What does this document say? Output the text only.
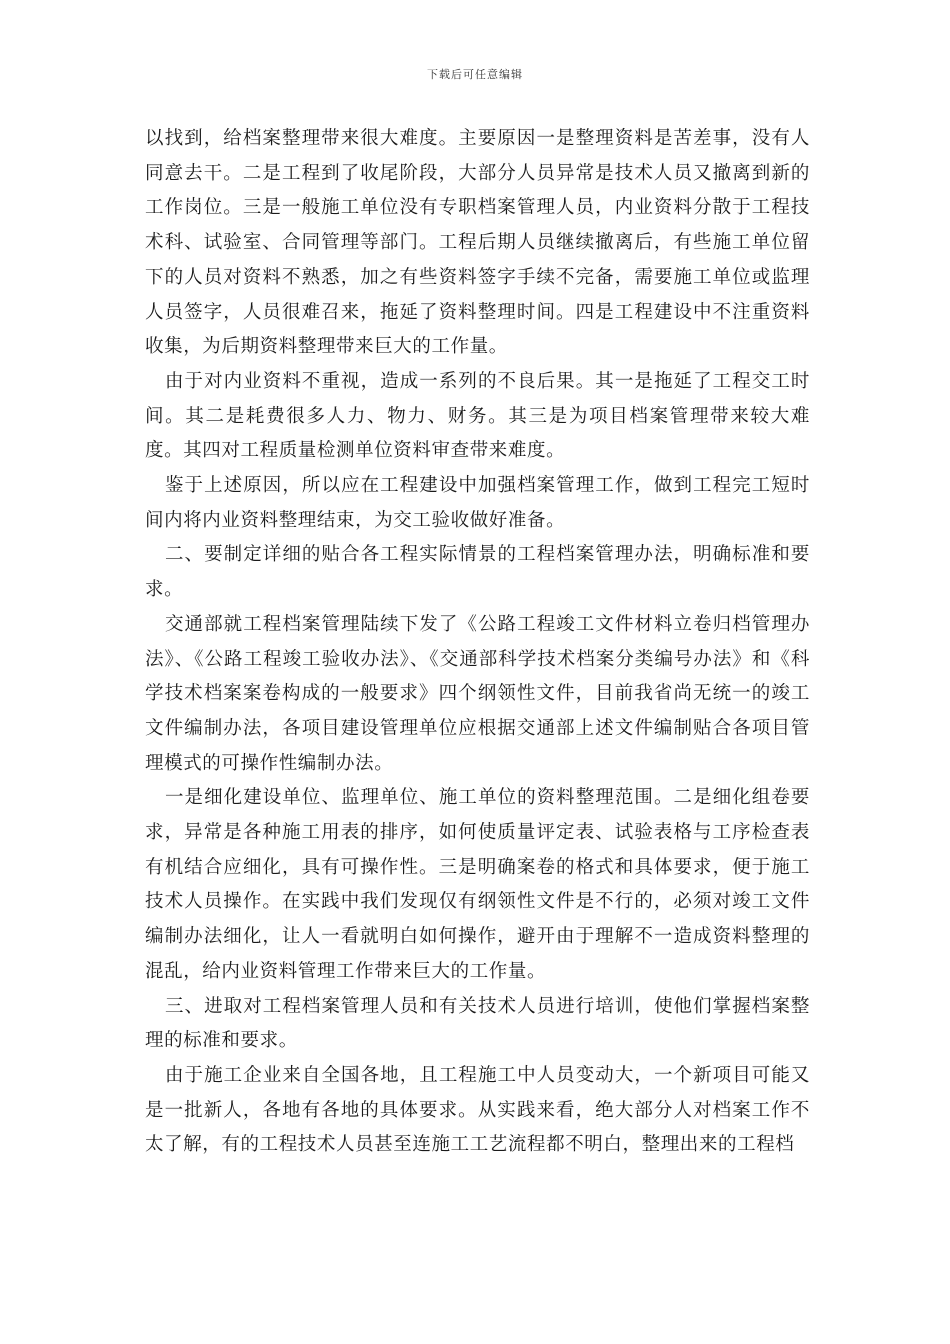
下载后可任意编辑

以找到，给档案整理带来很大难度。主要原因一是整理资料是苦差事，没有人同意去干。二是工程到了收尾阶段，大部分人员异常是技术人员又撤离到新的工作岗位。三是一般施工单位没有专职档案管理人员，内业资料分散于工程技术科、试验室、合同管理等部门。工程后期人员继续撤离后，有些施工单位留下的人员对资料不熟悉，加之有些资料签字手续不完备，需要施工单位或监理人员签字，人员很难召来，拖延了资料整理时间。四是工程建设中不注重资料收集，为后期资料整理带来巨大的工作量。

由于对内业资料不重视，造成一系列的不良后果。其一是拖延了工程交工时间。其二是耗费很多人力、物力、财务。其三是为项目档案管理带来较大难度。其四对工程质量检测单位资料审查带来难度。

鉴于上述原因，所以应在工程建设中加强档案管理工作，做到工程完工短时间内将内业资料整理结束，为交工验收做好准备。

二、要制定详细的贴合各工程实际情景的工程档案管理办法，明确标准和要求。

交通部就工程档案管理陆续下发了《公路工程竣工文件材料立卷归档管理办法》、《公路工程竣工验收办法》、《交通部科学技术档案分类编号办法》和《科学技术档案案卷构成的一般要求》四个纲领性文件，目前我省尚无统一的竣工文件编制办法，各项目建设管理单位应根据交通部上述文件编制贴合各项目管理模式的可操作性编制办法。

一是细化建设单位、监理单位、施工单位的资料整理范围。二是细化组卷要求，异常是各种施工用表的排序，如何使质量评定表、试验表格与工序检查表有机结合应细化，具有可操作性。三是明确案卷的格式和具体要求，便于施工技术人员操作。在实践中我们发现仅有纲领性文件是不行的，必须对竣工文件编制办法细化，让人一看就明白如何操作，避开由于理解不一造成资料整理的混乱，给内业资料管理工作带来巨大的工作量。

三、进取对工程档案管理人员和有关技术人员进行培训，使他们掌握档案整理的标准和要求。

由于施工企业来自全国各地，且工程施工中人员变动大，一个新项目可能又是一批新人，各地有各地的具体要求。从实践来看，绝大部分人对档案工作不太了解，有的工程技术人员甚至连施工工艺流程都不明白，整理出来的工程档
